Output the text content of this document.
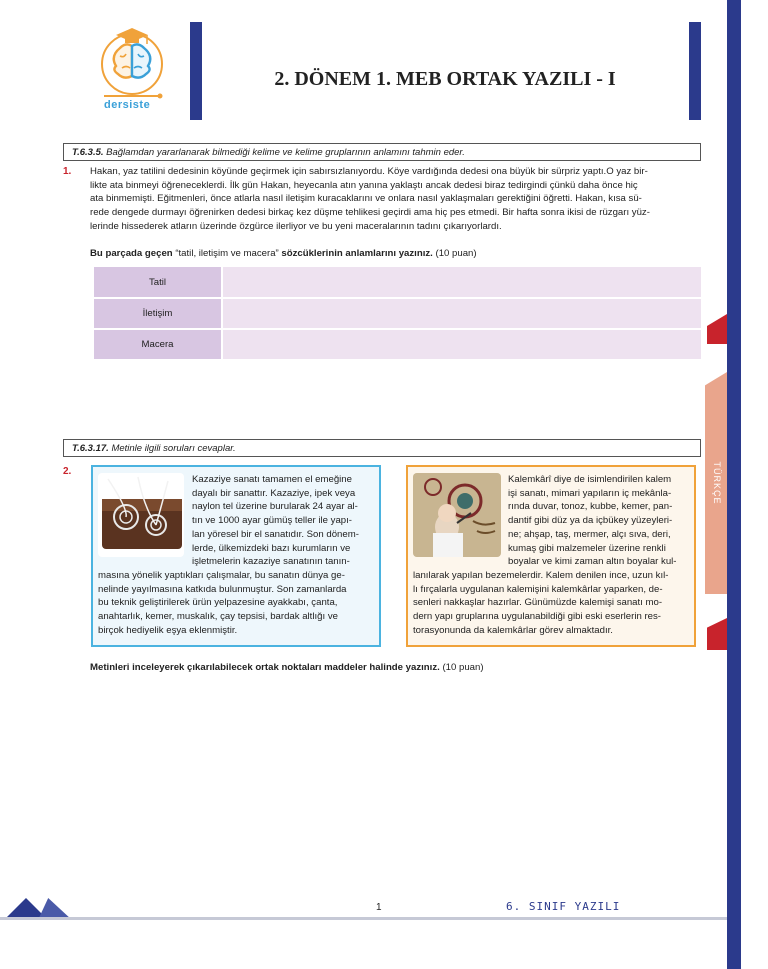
TÜRKÇE
dersiste
2. DÖNEM 1. MEB ORTAK YAZILI - I
T.6.3.5. Bağlamdan yararlanarak bilmediği kelime ve kelime gruplarının anlamını tahmin eder.
1. Hakan, yaz tatilini dedesinin köyünde geçirmek için sabırsızlanıyordu. Köye vardığında dedesi ona büyük bir sürpriz yaptı.O yaz bir-
likte ata binmeyi öğreneceklerdi. İlk gün Hakan, heyecanla atın yanına yaklaştı ancak dedesi biraz tedirgindi çünkü daha önce hiç
ata binmemişti. Eğitmenleri, önce atlarla nasıl iletişim kuracaklarını ve onlara nasıl yaklaşmaları gerektiğini öğretti. Hakan, kısa sü-
rede dengede durmayı öğrenirken dedesi birkaç kez düşme tehlikesi geçirdi ama hiç pes etmedi. Bir hafta sonra ikisi de rüzgarı yüz-
lerinde hissederek atların üzerinde özgürce ilerliyor ve bu yeni maceralarının tadını çıkarıyorlardı.
Bu parçada geçen “tatil, iletişim ve macera” sözcüklerinin anlamlarını yazınız. (10 puan)
Tatil	
İletişim	
Macera	
T.6.3.17. Metinle ilgili soruları cevaplar.
2.
Kazaziye sanatı tamamen el emeğine
dayalı bir sanattır. Kazaziye, ipek veya
naylon tel üzerine burularak 24 ayar al-
tın ve 1000 ayar gümüş teller ile yapı-
lan yöresel bir el sanatıdır. Son dönem-
lerde, ülkemizdeki bazı kurumların ve
işletmelerin kazaziye sanatının tanın-
masına yönelik yaptıkları çalışmalar, bu sanatın dünya ge-
nelinde yayılmasına katkıda bulunmuştur. Son zamanlarda
bu teknik geliştirilerek ürün yelpazesine ayakkabı, çanta,
anahtarlık, kemer, muskalık, çay tepsisi, bardak altlığı ve
birçok hediyelik eşya eklenmiştir.
Kalemkârî diye de isimlendirilen kalem
işi sanatı, mimari yapıların iç mekânla-
rında duvar, tonoz, kubbe, kemer, pan-
dantif gibi düz ya da içbükey yüzeyleri-
ne; ahşap, taş, mermer, alçı sıva, deri,
kumaş gibi malzemeler üzerine renkli
boyalar ve kimi zaman altın boyalar kul-
lanılarak yapılan bezemelerdir. Kalem denilen ince, uzun kıl-
lı fırçalarla uygulanan kalemişini kalemkârlar yaparken, de-
senleri nakkaşlar hazırlar. Günümüzde kalemişi sanatı mo-
dern yapı gruplarına uygulanabildiği gibi eski eserlerin res-
torasyonunda da kalemkârlar görev almaktadır.
Metinleri inceleyerek çıkarılabilecek ortak noktaları maddeler halinde yazınız. (10 puan)
1	6. SINIF YAZILI
